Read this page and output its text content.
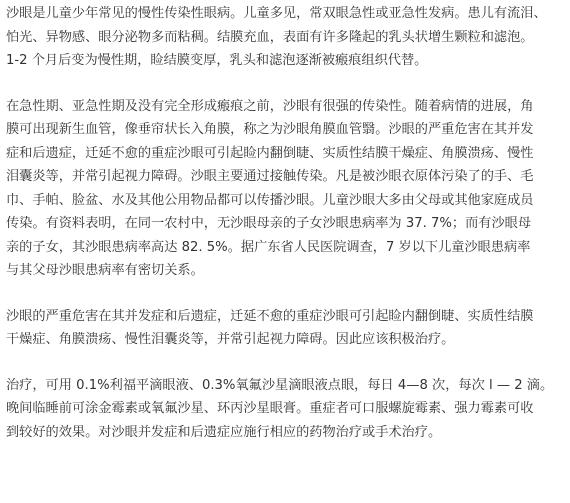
沙眼是儿童少年常见的慢性传染性眼病。儿童多见，常双眼急性或亚急性发病。患儿有流泪、
怕光、异物感、眼分泌物多而粘稠。结膜充血，表面有许多隆起的乳头状增生颗粒和滤泡。
1-2 个月后变为慢性期，睑结膜变厚，乳头和滤泡逐渐被瘢痕组织代替。
在急性期、亚急性期及没有完全形成瘢痕之前，沙眼有很强的传染性。随着病情的进展，角
膜可出现新生血管，像垂帘状长入角膜，称之为沙眼角膜血管翳。沙眼的严重危害在其并发
症和后遗症，迁延不愈的重症沙眼可引起睑内翻倒睫、实质性结膜干燥症、角膜溃疡、慢性
泪囊炎等，并常引起视力障碍。沙眼主要通过接触传染。凡是被沙眼衣原体污染了的手、毛
巾、手帕、脸盆、水及其他公用物品都可以传播沙眼。儿童沙眼大多由父母或其他家庭成员
传染。有资料表明，在同一农村中，无沙眼母亲的子女沙眼患病率为 37. 7%；而有沙眼母
亲的子女，其沙眼患病率高达 82. 5%。据广东省人民医院调查，7 岁以下儿童沙眼患病率
与其父母沙眼患病率有密切关系。
沙眼的严重危害在其并发症和后遗症，迁延不愈的重症沙眼可引起睑内翻倒睫、实质性结膜
干燥症、角膜溃疡、慢性泪囊炎等，并常引起视力障碍。因此应该积极治疗。
治疗，可用 0.1%利福平滴眼液、0.3%氧氟沙星滴眼液点眼，每日 4—8 次，每次 l — 2 滴。
晚间临睡前可涂金霉素或氧氟沙星、环丙沙星眼膏。重症者可口服螺旋霉素、强力霉素可收
到较好的效果。对沙眼并发症和后遗症应施行相应的药物治疗或手术治疗。
